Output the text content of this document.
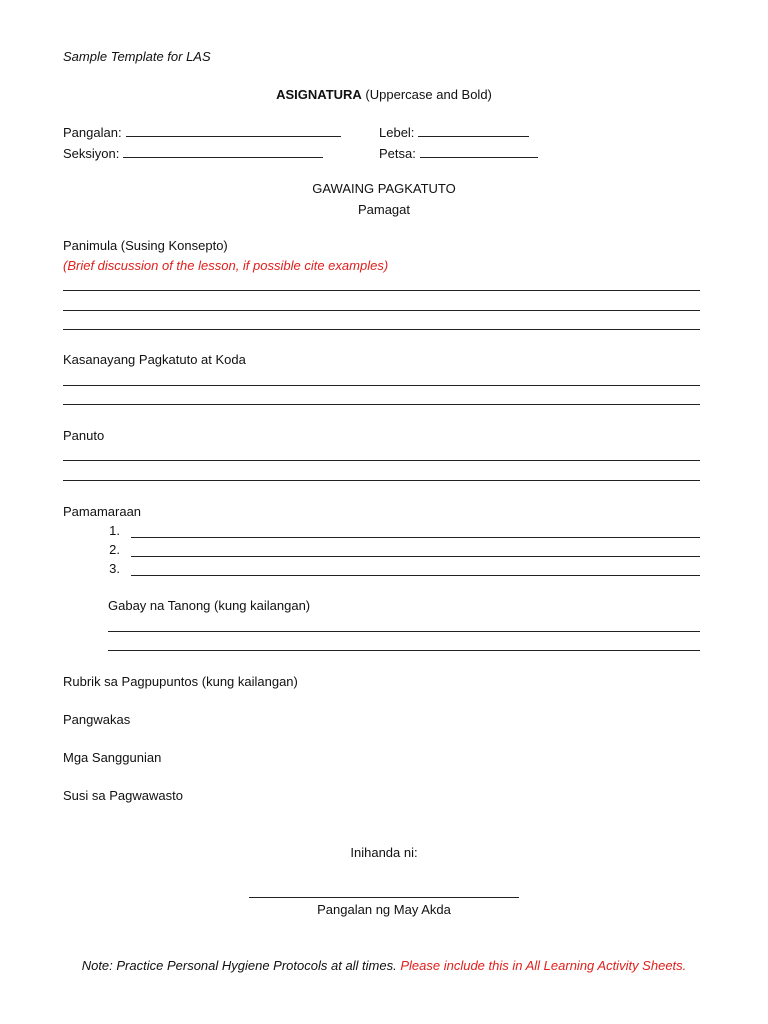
Sample Template for LAS
ASIGNATURA (Uppercase and Bold)
Pangalan:	Lebel:
Seksiyon:	Petsa:
GAWAING PAGKATUTO
Pamagat
Panimula (Susing Konsepto)
(Brief discussion of the lesson, if possible cite examples)
Kasanayang Pagkatuto at Koda
Panuto
Pamamaraan
1.
2.
3.
Gabay na Tanong (kung kailangan)
Rubrik sa Pagpupuntos (kung kailangan)
Pangwakas
Mga Sanggunian
Susi sa Pagwawasto
Inihanda ni:
Pangalan ng May Akda
Note: Practice Personal Hygiene Protocols at all times. Please include this in All Learning Activity Sheets.
